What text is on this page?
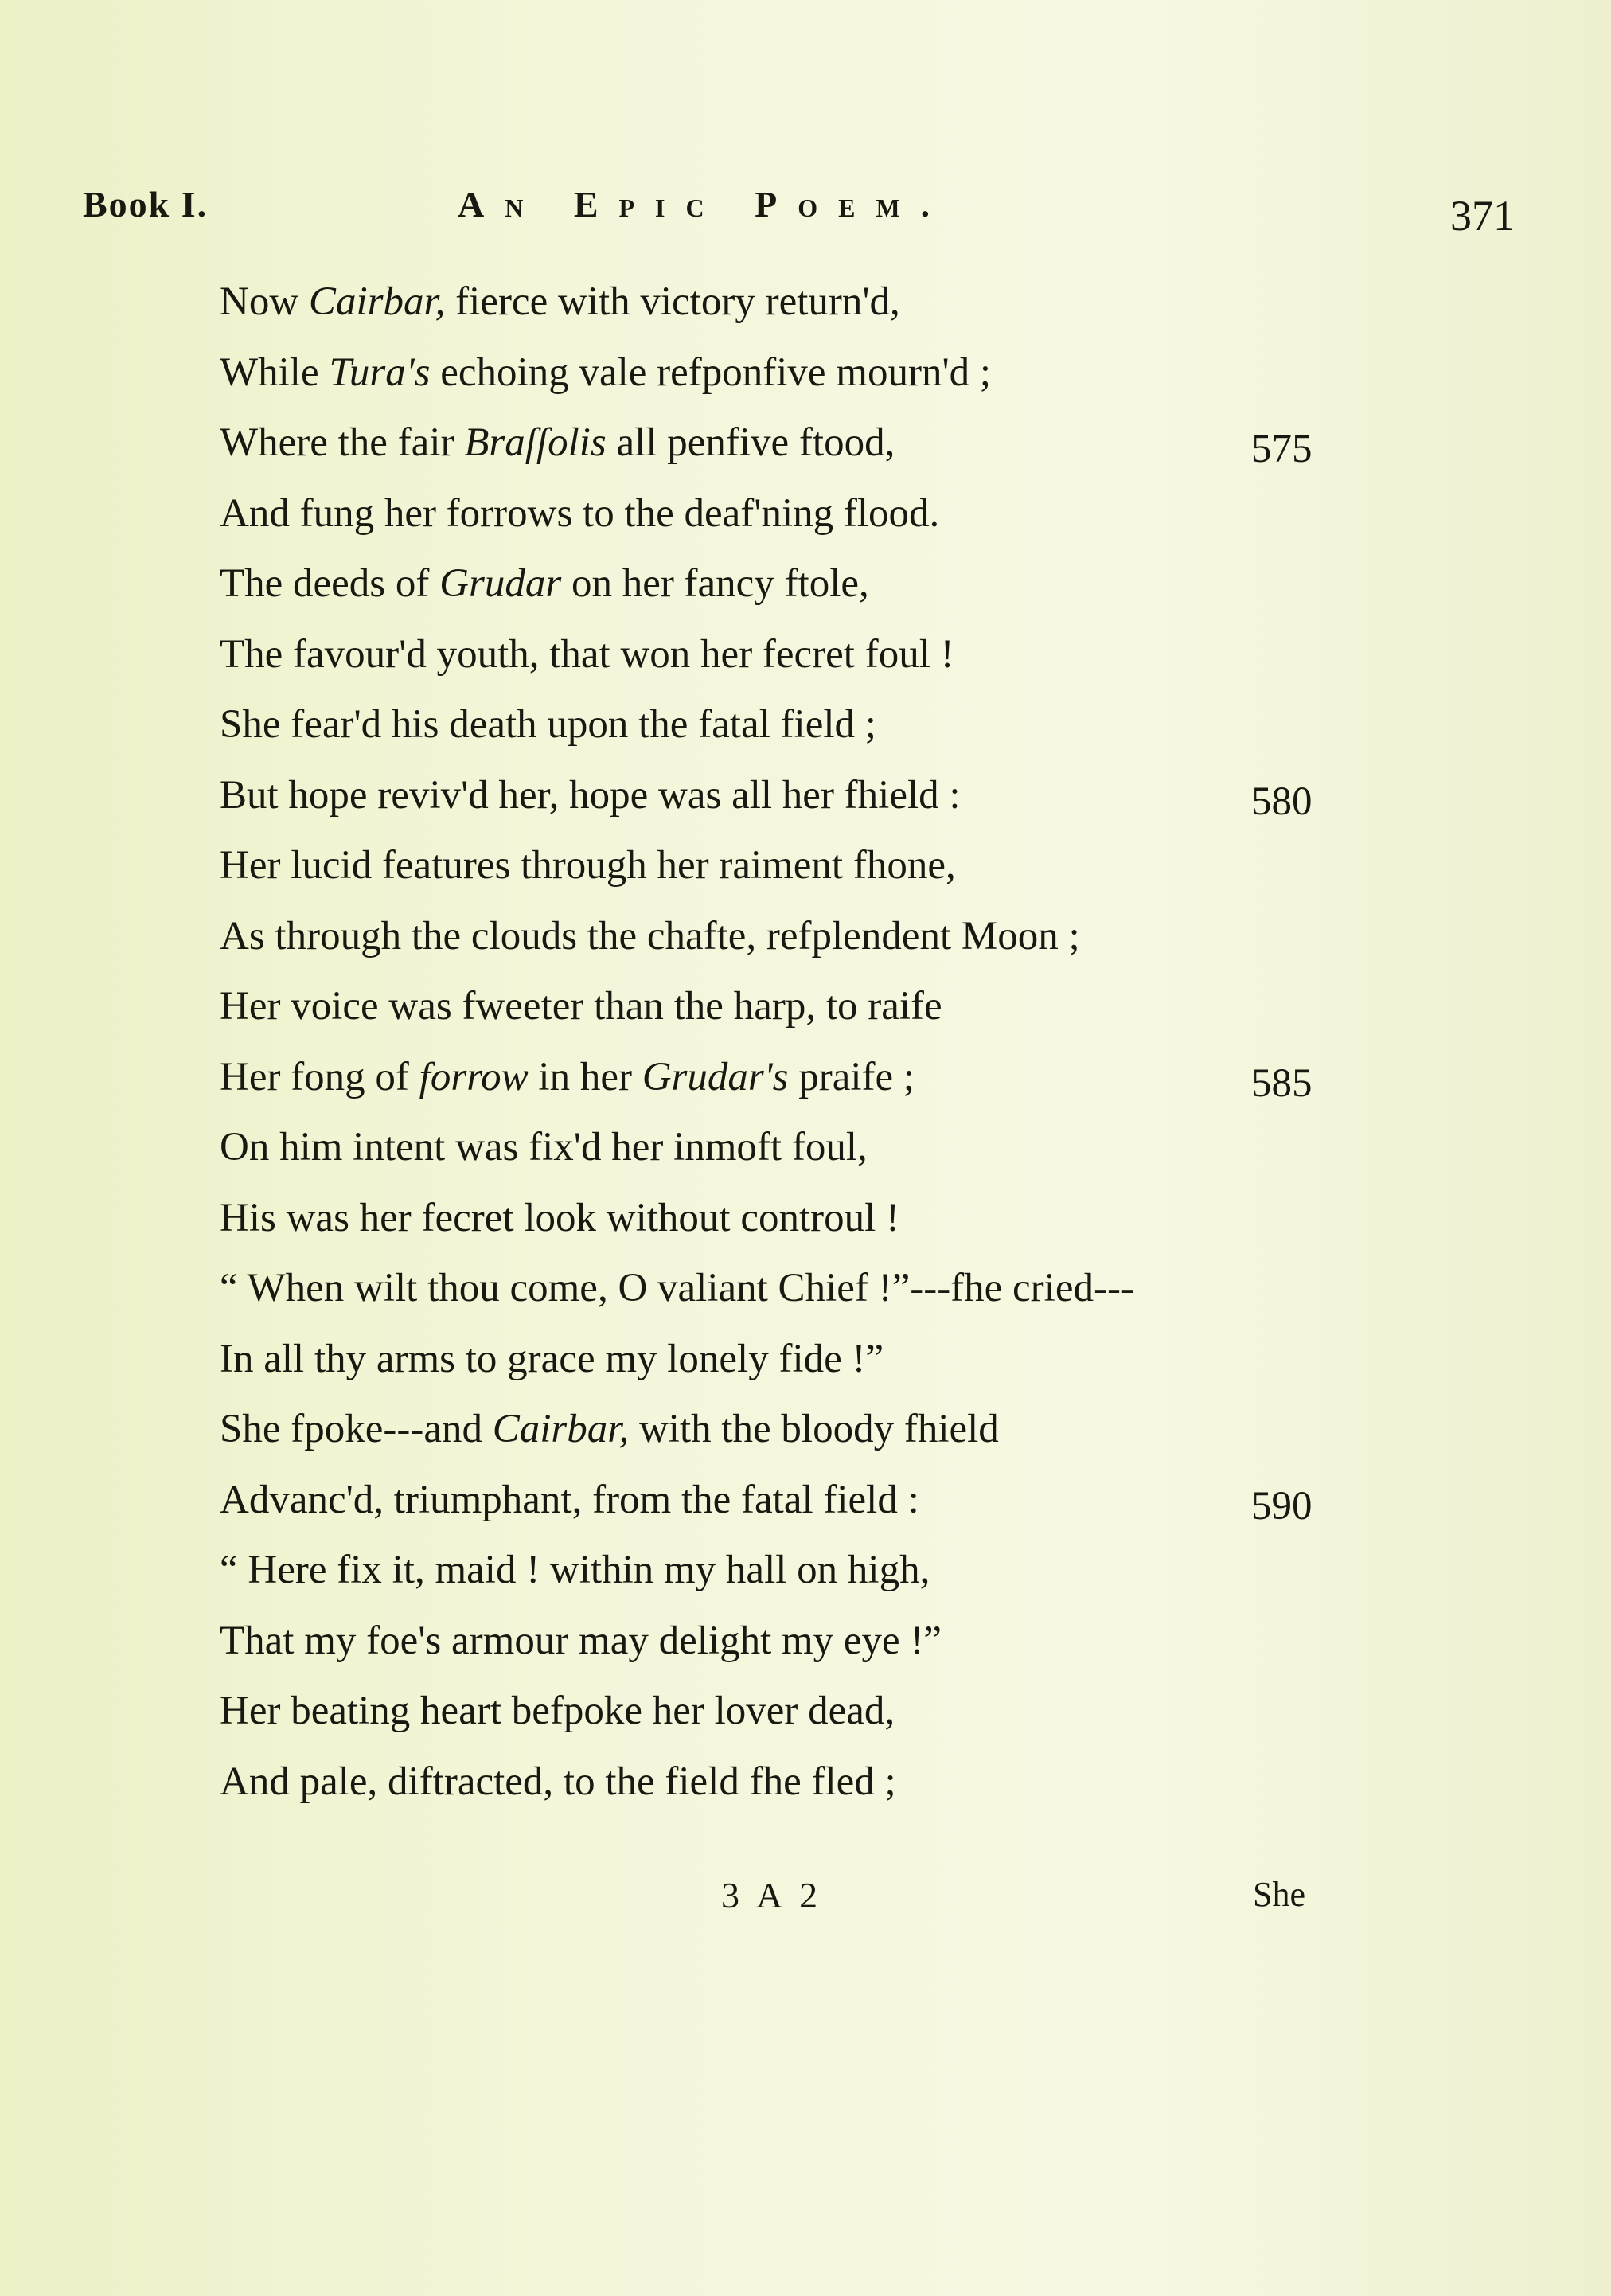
Book I.	An Epic Poem.	371
Now Cairbar, fierce with victory return'd,
While Tura's echoing vale refponfive mourn'd ;
Where the fair Braſſolis all penfive ftood,	575
And fung her forrows to the deaf'ning flood.
The deeds of Grudar on her fancy ftole,
The favour'd youth, that won her fecret foul !
She fear'd his death upon the fatal field ;
But hope reviv'd her, hope was all her fhield :	580
Her lucid features through her raiment fhone,
As through the clouds the chafte, refplendent Moon ;
Her voice was fweeter than the harp, to raife
Her fong of forrow in her Grudar's praife ;	585
On him intent was fix'd her inmoft foul,
His was her fecret look without controul !
“ When wilt thou come, O valiant Chief !”---fhe cried---
In all thy arms to grace my lonely fide !”
She fpoke---and Cairbar, with the bloody fhield
Advanc'd, triumphant, from the fatal field :	590
“ Here fix it, maid ! within my hall on high,
That my foe's armour may delight my eye !”
Her beating heart befpoke her lover dead,
And pale, diftracted, to the field fhe fled ;
3 A 2	She
